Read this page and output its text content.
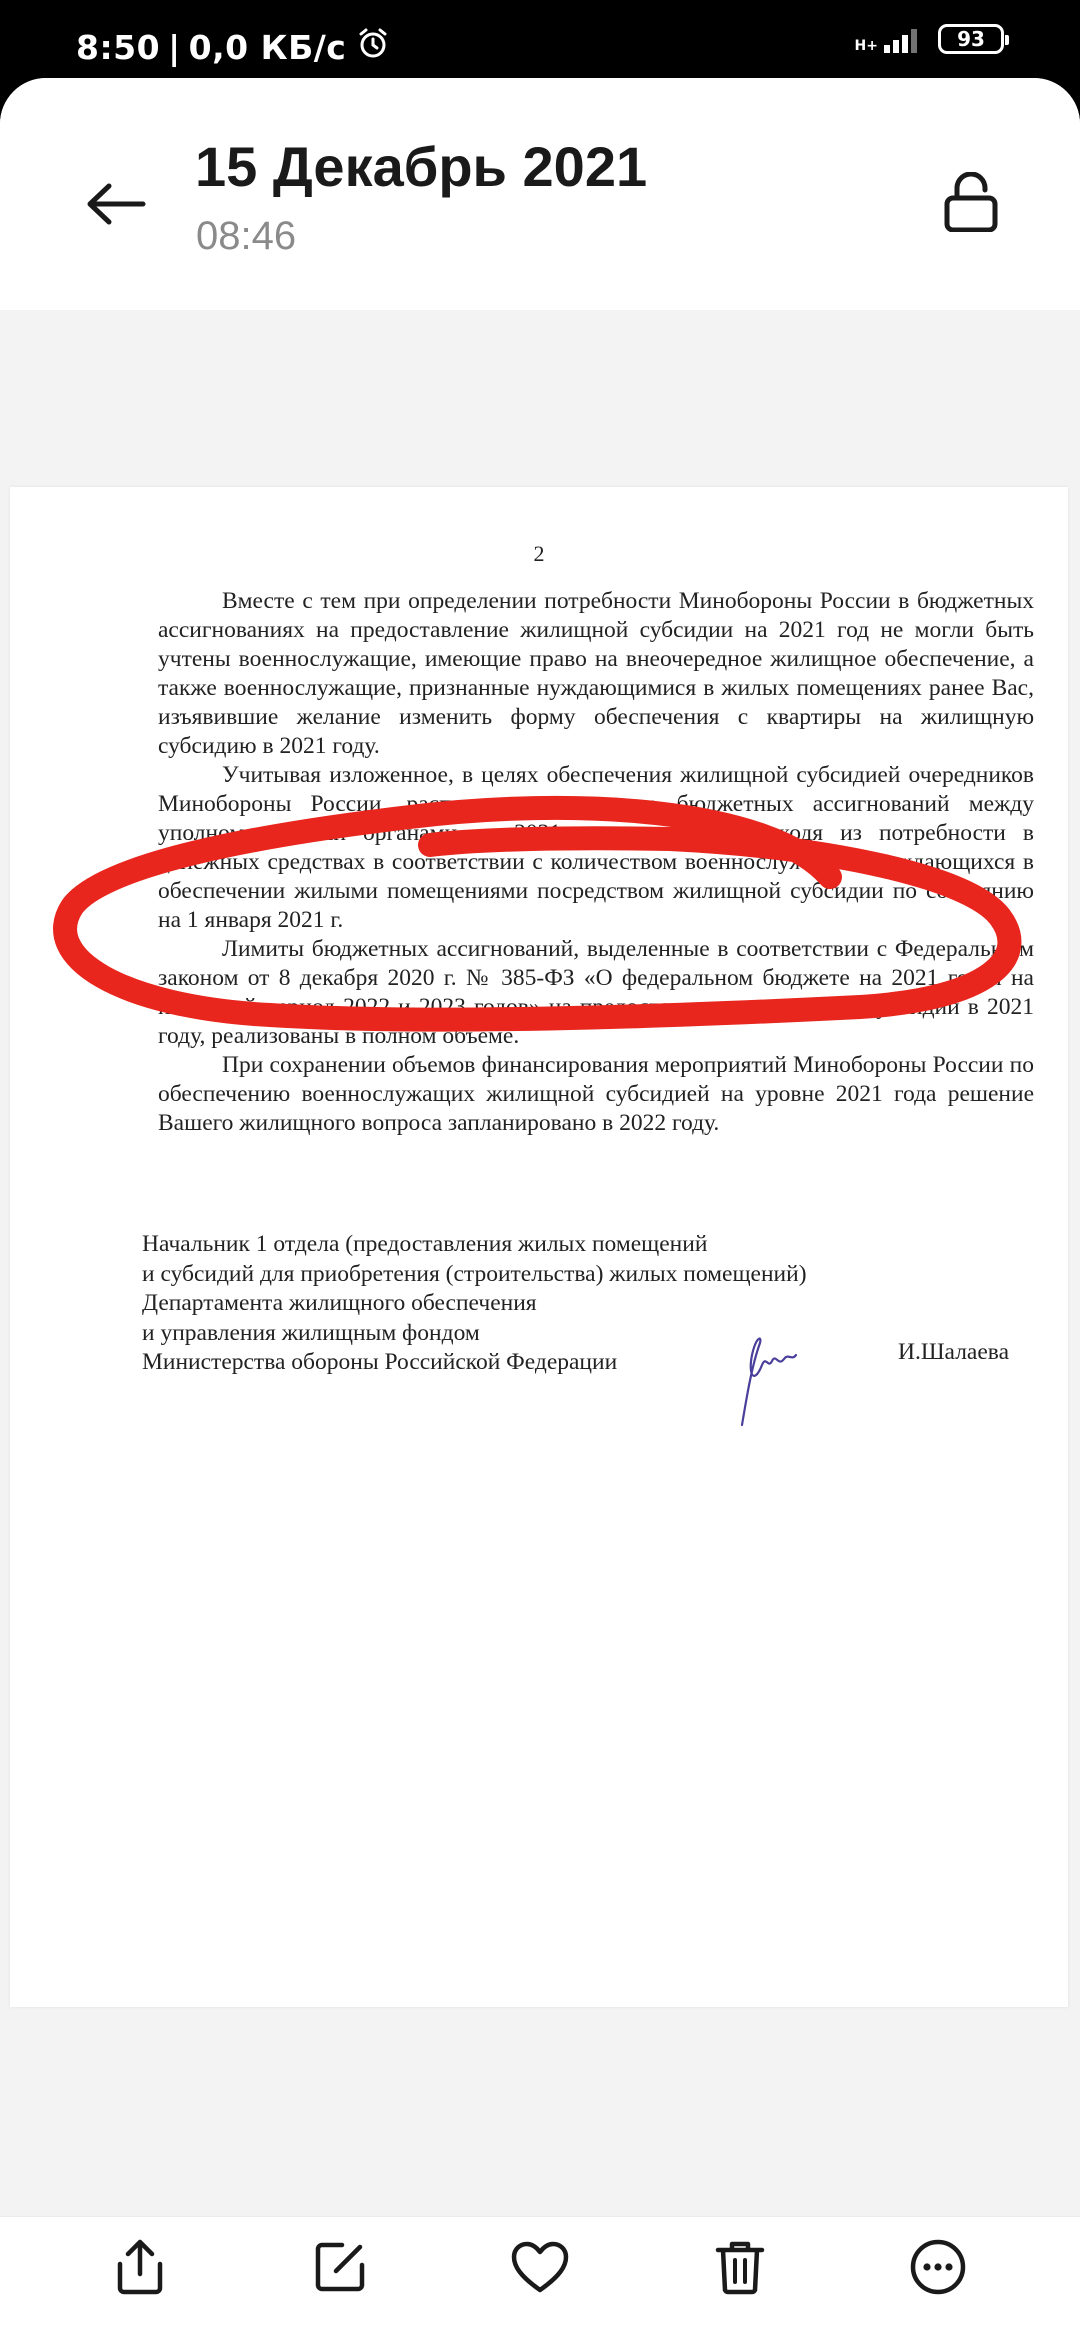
8:50 | 0,0 КБ/с	H+	93
15 Декабрь 2021
08:46
2

Вместе с тем при определении потребности Минобороны России в бюджетных ассигнованиях на предоставление жилищной субсидии на 2021 год не могли быть учтены военнослужащие, имеющие право на внеочередное жилищное обеспечение, а также военнослужащие, признанные нуждающимися в жилых помещениях ранее Вас, изъявившие желание изменить форму обеспечения с квартиры на жилищную субсидию в 2021 году.

Учитывая изложенное, в целях обеспечения жилищной субсидией очередников Минобороны России, распределение лимитов бюджетных ассигнований между уполномоченными органами на 2021 год составлено исходя из потребности в денежных средствах в соответствии с количеством военнослужащих, нуждающихся в обеспечении жилыми помещениями посредством жилищной субсидии по состоянию на 1 января 2021 г.

Лимиты бюджетных ассигнований, выделенные в соответствии с Федеральным законом от 8 декабря 2020 г. № 385-ФЗ «О федеральном бюджете на 2021 год и на плановый период 2022 и 2023 годов» на предоставление жилищных субсидий в 2021 году, реализованы в полном объеме.

При сохранении объемов финансирования мероприятий Минобороны России по обеспечению военнослужащих жилищной субсидией на уровне 2021 года решение Вашего жилищного вопроса запланировано в 2022 году.

Начальник 1 отдела (предоставления жилых помещений
и субсидий для приобретения (строительства) жилых помещений)
Департамента жилищного обеспечения
и управления жилищным фондом
Министерства обороны Российской Федерации	И.Шалаева
